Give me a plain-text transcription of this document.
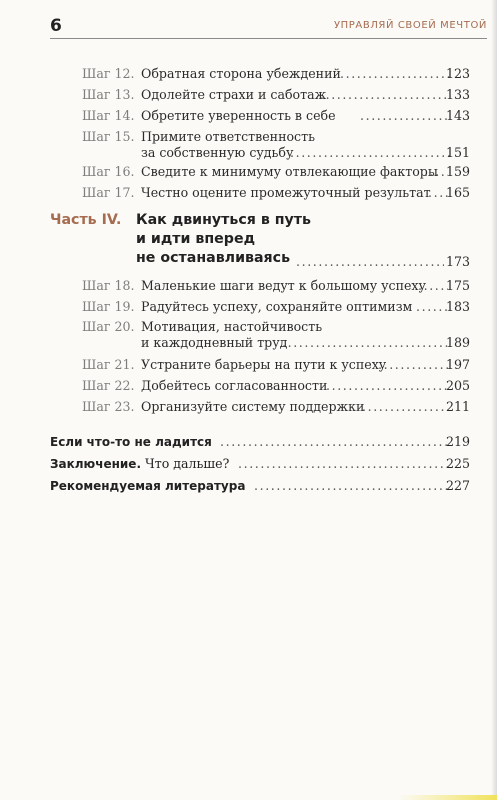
6	УПРАВЛЯЙ СВОЕЙ МЕЧТОЙ
Шаг 12. Обратная сторона убеждений .....	123
Шаг 13. Одолейте страхи и саботаж .....	133
Шаг 14. Обретите уверенность в себе .....	143
Шаг 15. Примите ответственность
за собственную судьбу .....	151
Шаг 16. Сведите к минимуму отвлекающие факторы ..... 159
Шаг 17. Честно оцените промежуточный результат ..... 165
Часть IV. Как двинуться в путь
и идти вперед
не останавливаясь .....	173
Шаг 18. Маленькие шаги ведут к большому успеху ..... 175
Шаг 19. Радуйтесь успеху, сохраняйте оптимизм .....	183
Шаг 20. Мотивация, настойчивость
и каждодневный труд .....	189
Шаг 21. Устраните барьеры на пути к успеху .....	197
Шаг 22. Добейтесь согласованности .....	205
Шаг 23. Организуйте систему поддержки .....	211
Если что-то не ладится .....	219
Заключение. Что дальше? .....	225
Рекомендуемая литература .....	227
